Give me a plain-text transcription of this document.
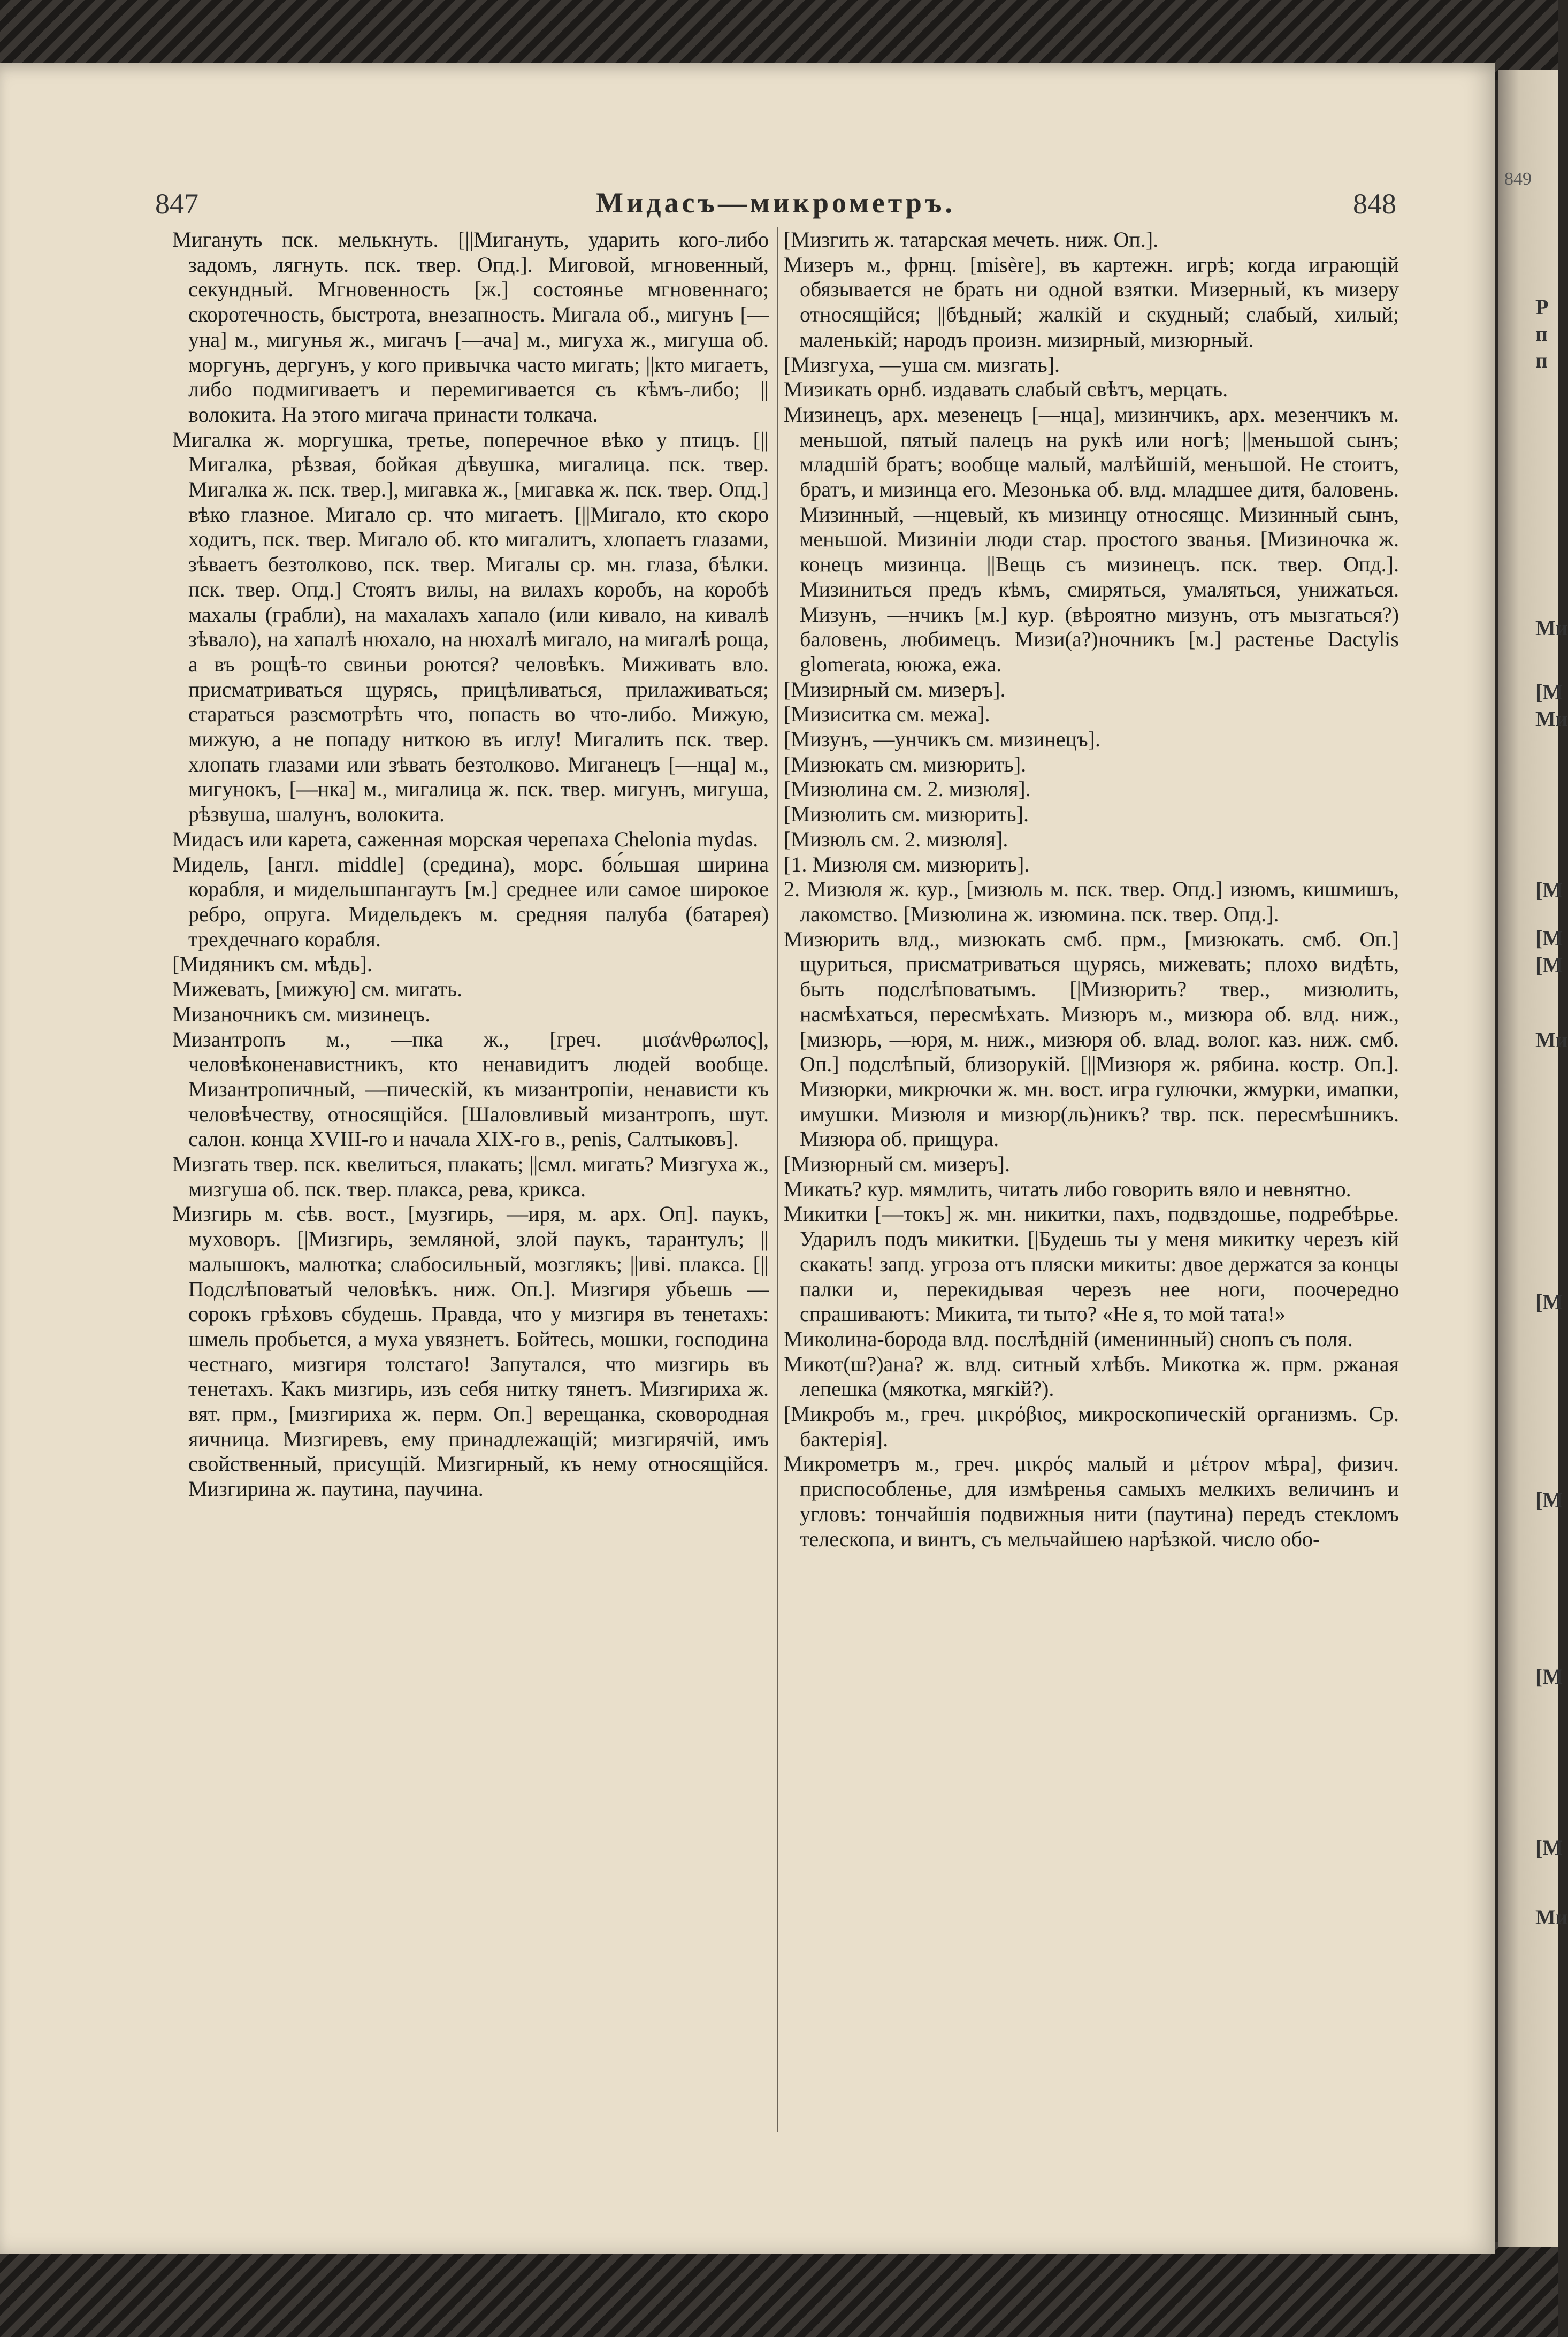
849
Р
п
п
Ми
[М
Ми
[М
[М
[М
Ми
[М
[М
[М
[М
Ми
847	Мидасъ—микрометръ.	848

Мигануть пск. мелькнуть. [||Мигануть, ударить кого-либо задомъ, лягнуть. пск. твер. Опд.]. Миговой, мгновенный, секундный. Мгновенность [ж.] состоянье мгновеннаго; скоротечность, быстрота, внезапность. Мигала об., мигунъ [—уна] м., мигунья ж., мигачъ [—ача] м., мигуха ж., мигуша об. моргунъ, дергунъ, у кого привычка часто мигать; ||кто мигаетъ, либо подмигиваетъ и перемигивается съ кѣмъ-либо; || волокита. На этого мигача принасти толкача.

Мигалка ж. моргушка, третье, поперечное вѣко у птицъ. [||Мигалка, рѣзвая, бойкая дѣвушка, мигалица. пск. твер. Мигалка ж. пск. твер.], мигавка ж., [мигавка ж. пск. твер. Опд.] вѣко глазное. Мигало ср. что мигаетъ. [||Мигало, кто скоро ходитъ, пск. твер. Мигало об. кто мигалитъ, хлопаетъ глазами, зѣваетъ безтолково, пск. твер. Мигалы ср. мн. глаза, бѣлки. пск. твер. Опд.] Стоятъ вилы, на вилахъ коробъ, на коробѣ махалы (грабли), на махалахъ хапало (или кивало, на кивалѣ зѣвало), на хапалѣ нюхало, на нюхалѣ мигало, на мигалѣ роща, а въ рощѣ-то свиньи роются? человѣкъ. Миживать вло. присматриваться щурясь, прицѣливаться, прилаживаться; стараться разсмотрѣть что, попасть во что-либо. Мижую, мижую, а не попаду ниткою въ иглу! Мигалить пск. твер. хлопать глазами или зѣвать безтолково. Миганецъ [—нца] м., мигунокъ, [—нка] м., мигалица ж. пск. твер. мигунъ, мигуша, рѣзвуша, шалунъ, волокита.

Мидасъ или карета, саженная морская черепаха Chelonia mydas.

Мидель, [англ. middle] (средина), морс. бо́льшая ширина корабля, и мидельшпангаутъ [м.] среднее или самое широкое ребро, опруга. Мидельдекъ м. средняя палуба (батарея) трехдечнаго корабля.

[Мидяникъ см. мѣдь].

Мижевать, [мижую] см. мигать.

Мизаночникъ см. мизинецъ.

Мизантропъ м., —пка ж., [греч. μισάνθρωπος], человѣконенавистникъ, кто ненавидитъ людей вообще. Мизантропичный, —пическій, къ мизантропіи, ненависти къ человѣчеству, относящійся. [Шаловливый мизантропъ, шут. салон. конца XVIII-го и начала XIX-го в., penis, Салтыковъ].

Мизгать твер. пск. квелиться, плакать; ||смл. мигать? Мизгуха ж., мизгуша об. пск. твер. плакса, рева, крикса.

Мизгирь м. сѣв. вост., [музгирь, —иря, м. арх. Оп]. паукъ, муховоръ. [|Мизгирь, земляной, злой паукъ, тарантулъ; ||малышокъ, малютка; слабосильный, мозглякъ; ||иві. плакса. [||Подслѣповатый человѣкъ. ниж. Оп.]. Мизгиря убьешь — сорокъ грѣховъ сбудешь. Правда, что у мизгиря въ тенетахъ: шмель пробьется, а муха увязнетъ. Бойтесь, мошки, господина честнаго, мизгиря толстаго! Запутался, что мизгирь въ тенетахъ. Какъ мизгирь, изъ себя нитку тянетъ. Мизгириха ж. вят. прм., [мизгириха ж. перм. Оп.] верещанка, сковородная яичница. Мизгиревъ, ему принадлежащій; мизгирячій, имъ свойственный, присущій. Мизгирный, къ нему относящійся. Мизгирина ж. паутина, паучина.

[Мизгить ж. татарская мечеть. ниж. Оп.].

Мизеръ м., фрнц. [misère], въ картежн. игрѣ; когда играющій обязывается не брать ни одной взятки. Мизерный, къ мизеру относящійся; ||бѣдный; жалкій и скудный; слабый, хилый; маленькій; народъ произн. мизирный, мизюрный.

[Мизгуха, —уша см. мизгать].

Мизикать орнб. издавать слабый свѣтъ, мерцать.

Мизинецъ, арх. мезенецъ [—нца], мизинчикъ, арх. мезенчикъ м. меньшой, пятый палецъ на рукѣ или ногѣ; ||меньшой сынъ; младшій братъ; вообще малый, малѣйшій, меньшой. Не стоитъ, братъ, и мизинца его. Мезонька об. влд. младшее дитя, баловень. Мизинный, —нцевый, къ мизинцу относящс. Мизинный сынъ, меньшой. Мизиніи люди стар. простого званья. [Мизиночка ж. конецъ мизинца. ||Вещь съ мизинецъ. пск. твер. Опд.]. Мизиниться предъ кѣмъ, смиряться, умаляться, унижаться. Мизунъ, —нчикъ [м.] кур. (вѣроятно мизунъ, отъ мызгаться?) баловень, любимецъ. Мизи(а?)ночникъ [м.] растенье Dactylis glomerata, ююжа, ежа.

[Мизирный см. мизеръ].

[Мизиситка см. межа].

[Мизунъ, —унчикъ см. мизинецъ].

[Мизюкать см. мизюрить].

[Мизюлина см. 2. мизюля].

[Мизюлить см. мизюрить].

[Мизюль см. 2. мизюля].

[1. Мизюля см. мизюрить].

2. Мизюля ж. кур., [мизюль м. пск. твер. Опд.] изюмъ, кишмишъ, лакомство. [Мизюлина ж. изюмина. пск. твер. Опд.].

Мизюрить влд., мизюкать смб. прм., [мизюкать. смб. Оп.] щуриться, присматриваться щурясь, мижевать; плохо видѣть, быть подслѣповатымъ. [|Мизюрить? твер., мизюлить, насмѣхаться, пересмѣхать. Мизюръ м., мизюра об. влд. ниж., [мизюрь, —юря, м. ниж., мизюря об. влад. волог. каз. ниж. смб. Оп.] подслѣпый, близорукій. [||Мизюря ж. рябина. костр. Оп.]. Мизюрки, микрючки ж. мн. вост. игра гулючки, жмурки, имапки, имушки. Мизюля и мизюр(ль)никъ? твр. пск. пересмѣшникъ. Мизюра об. прищура.

[Мизюрный см. мизеръ].

Микать? кур. мямлить, читать либо говорить вяло и невнятно.

Микитки [—токъ] ж. мн. никитки, пахъ, подвздошье, подребѣрье. Ударилъ подъ микитки. [|Будешь ты у меня микитку черезъ кій скакать! запд. угроза отъ пляски микиты: двое держатся за концы палки и, перекидывая черезъ нее ноги, поочередно спрашиваютъ: Микита, ти тыто? «Не я, то мой тата!»

Миколина-борода влд. послѣдній (именинный) снопъ съ поля.

Микот(ш?)ана? ж. влд. ситный хлѣбъ. Микотка ж. прм. ржаная лепешка (мякотка, мягкій?).

[Микробъ м., греч. μικρόβιος, микроскопическій организмъ. Ср. бактерія].

Микрометръ м., греч. μικρός малый и μέτρον мѣра], физич. приспособленье, для измѣренья самыхъ мелкихъ величинъ и угловъ: тончайшія подвижныя нити (паутина) передъ стекломъ телескопа, и винтъ, съ мельчайшею нарѣзкой. число обо-
